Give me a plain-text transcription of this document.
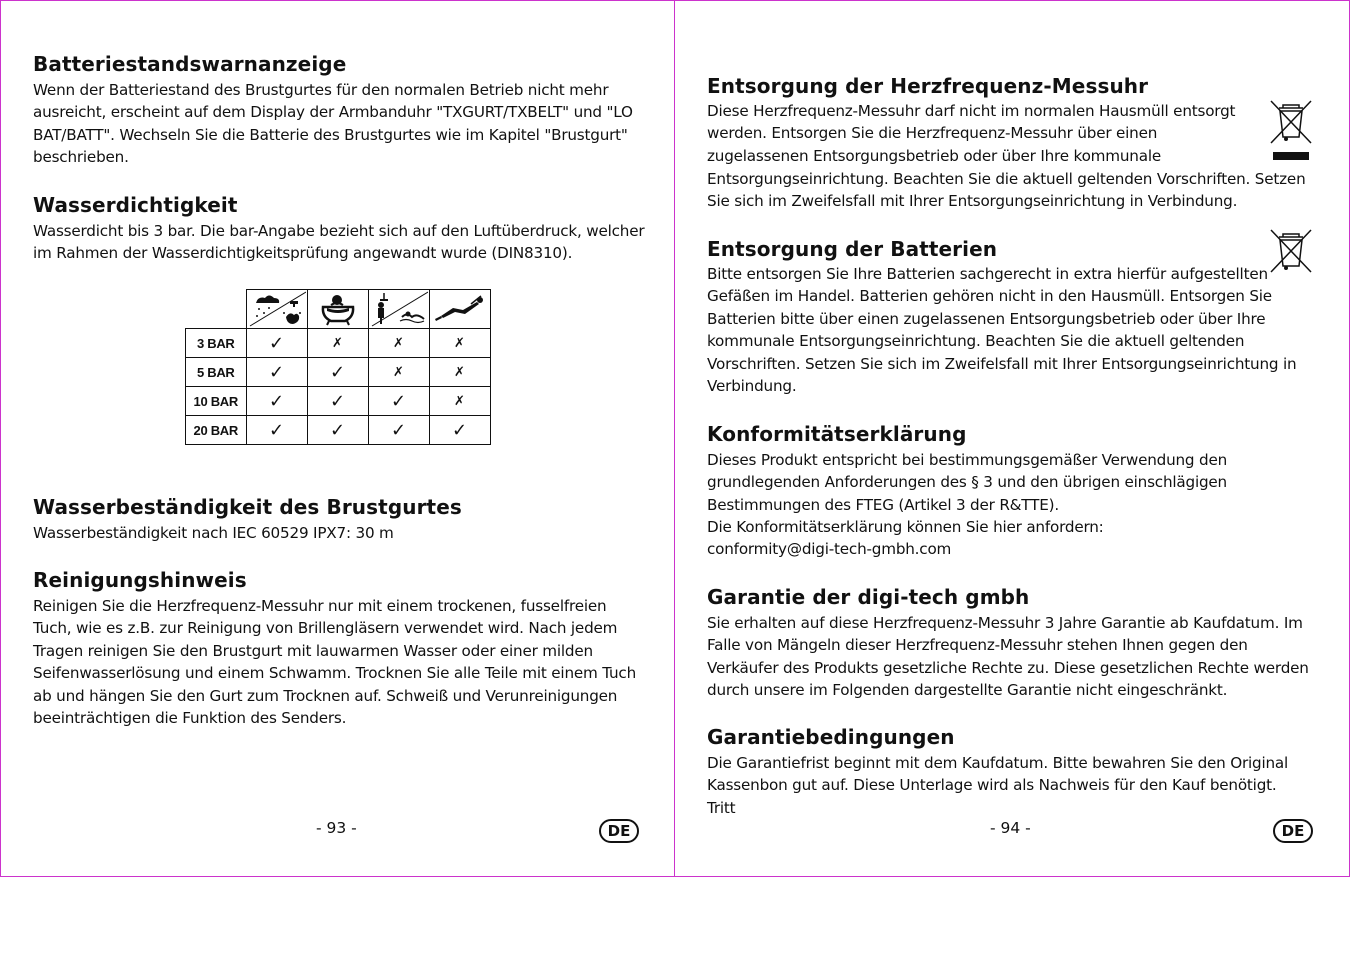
Batteriestandswarnanzeige

Wenn der Batteriestand des Brustgurtes für den normalen Betrieb nicht mehr ausreicht, erscheint auf dem Display der Armbanduhr "TXGURT/TXBELT" und "LO BAT/BATT". Wechseln Sie die Batterie des Brustgurtes wie im Kapitel "Brustgurt" beschrieben.

Wasserdichtigkeit

Wasserdicht bis 3 bar. Die bar-Angabe bezieht sich auf den Luftüberdruck, welcher im Rahmen der Wasserdichtigkeitsprüfung angewandt wurde (DIN8310).

3 BAR	✓	✗	✗	✗
5 BAR	✓	✓	✗	✗
10 BAR	✓	✓	✓	✗
20 BAR	✓	✓	✓	✓
Wasserbeständigkeit des Brustgurtes

Wasserbeständigkeit nach IEC 60529 IPX7: 30 m

Reinigungshinweis

Reinigen Sie die Herzfrequenz-Messuhr nur mit einem trockenen, fusselfreien Tuch, wie es z.B. zur Reinigung von Brillengläsern verwendet wird. Nach jedem Tragen reinigen Sie den Brustgurt mit lauwarmen Wasser oder einer milden Seifenwasserlösung und einem Schwamm. Trocknen Sie alle Teile mit einem Tuch ab und hängen Sie den Gurt zum Trocknen auf. Schweiß und Verunreinigungen beeinträchtigen die Funktion des Senders.

- 93 -	DE
Entsorgung der Herzfrequenz-Messuhr

Diese Herzfrequenz-Messuhr darf nicht im normalen Hausmüll entsorgt werden. Entsorgen Sie die Herzfrequenz-Messuhr über einen zugelassenen Entsorgungsbetrieb oder über Ihre kommunale

Entsorgungseinrichtung. Beachten Sie die aktuell geltenden Vorschriften. Setzen Sie sich im Zweifelsfall mit Ihrer Entsorgungseinrichtung in Verbindung.

Entsorgung der Batterien

Bitte entsorgen Sie Ihre Batterien sachgerecht in extra hierfür aufgestellten Gefäßen im Handel. Batterien gehören nicht in den Hausmüll. Entsorgen Sie Batterien bitte über einen zugelassenen Entsorgungsbetrieb oder über Ihre kommunale Entsorgungseinrichtung. Beachten Sie die aktuell geltenden Vorschriften. Setzen Sie sich im Zweifelsfall mit Ihrer Entsorgungseinrichtung in Verbindung.

Konformitätserklärung

Dieses Produkt entspricht bei bestimmungsgemäßer Verwendung den grundlegenden Anforderungen des § 3 und den übrigen einschlägigen Bestimmungen des FTEG (Artikel 3 der R&TTE).

Die Konformitätserklärung können Sie hier anfordern:

conformity@digi-tech-gmbh.com

Garantie der digi-tech gmbh

Sie erhalten auf diese Herzfrequenz-Messuhr 3 Jahre Garantie ab Kaufdatum. Im Falle von Mängeln dieser Herzfrequenz-Messuhr stehen Ihnen gegen den Verkäufer des Produkts gesetzliche Rechte zu. Diese gesetzlichen Rechte werden durch unsere im Folgenden dargestellte Garantie nicht eingeschränkt.

Garantiebedingungen

Die Garantiefrist beginnt mit dem Kaufdatum. Bitte bewahren Sie den Original Kassenbon gut auf. Diese Unterlage wird als Nachweis für den Kauf benötigt. Tritt

- 94 -	DE
